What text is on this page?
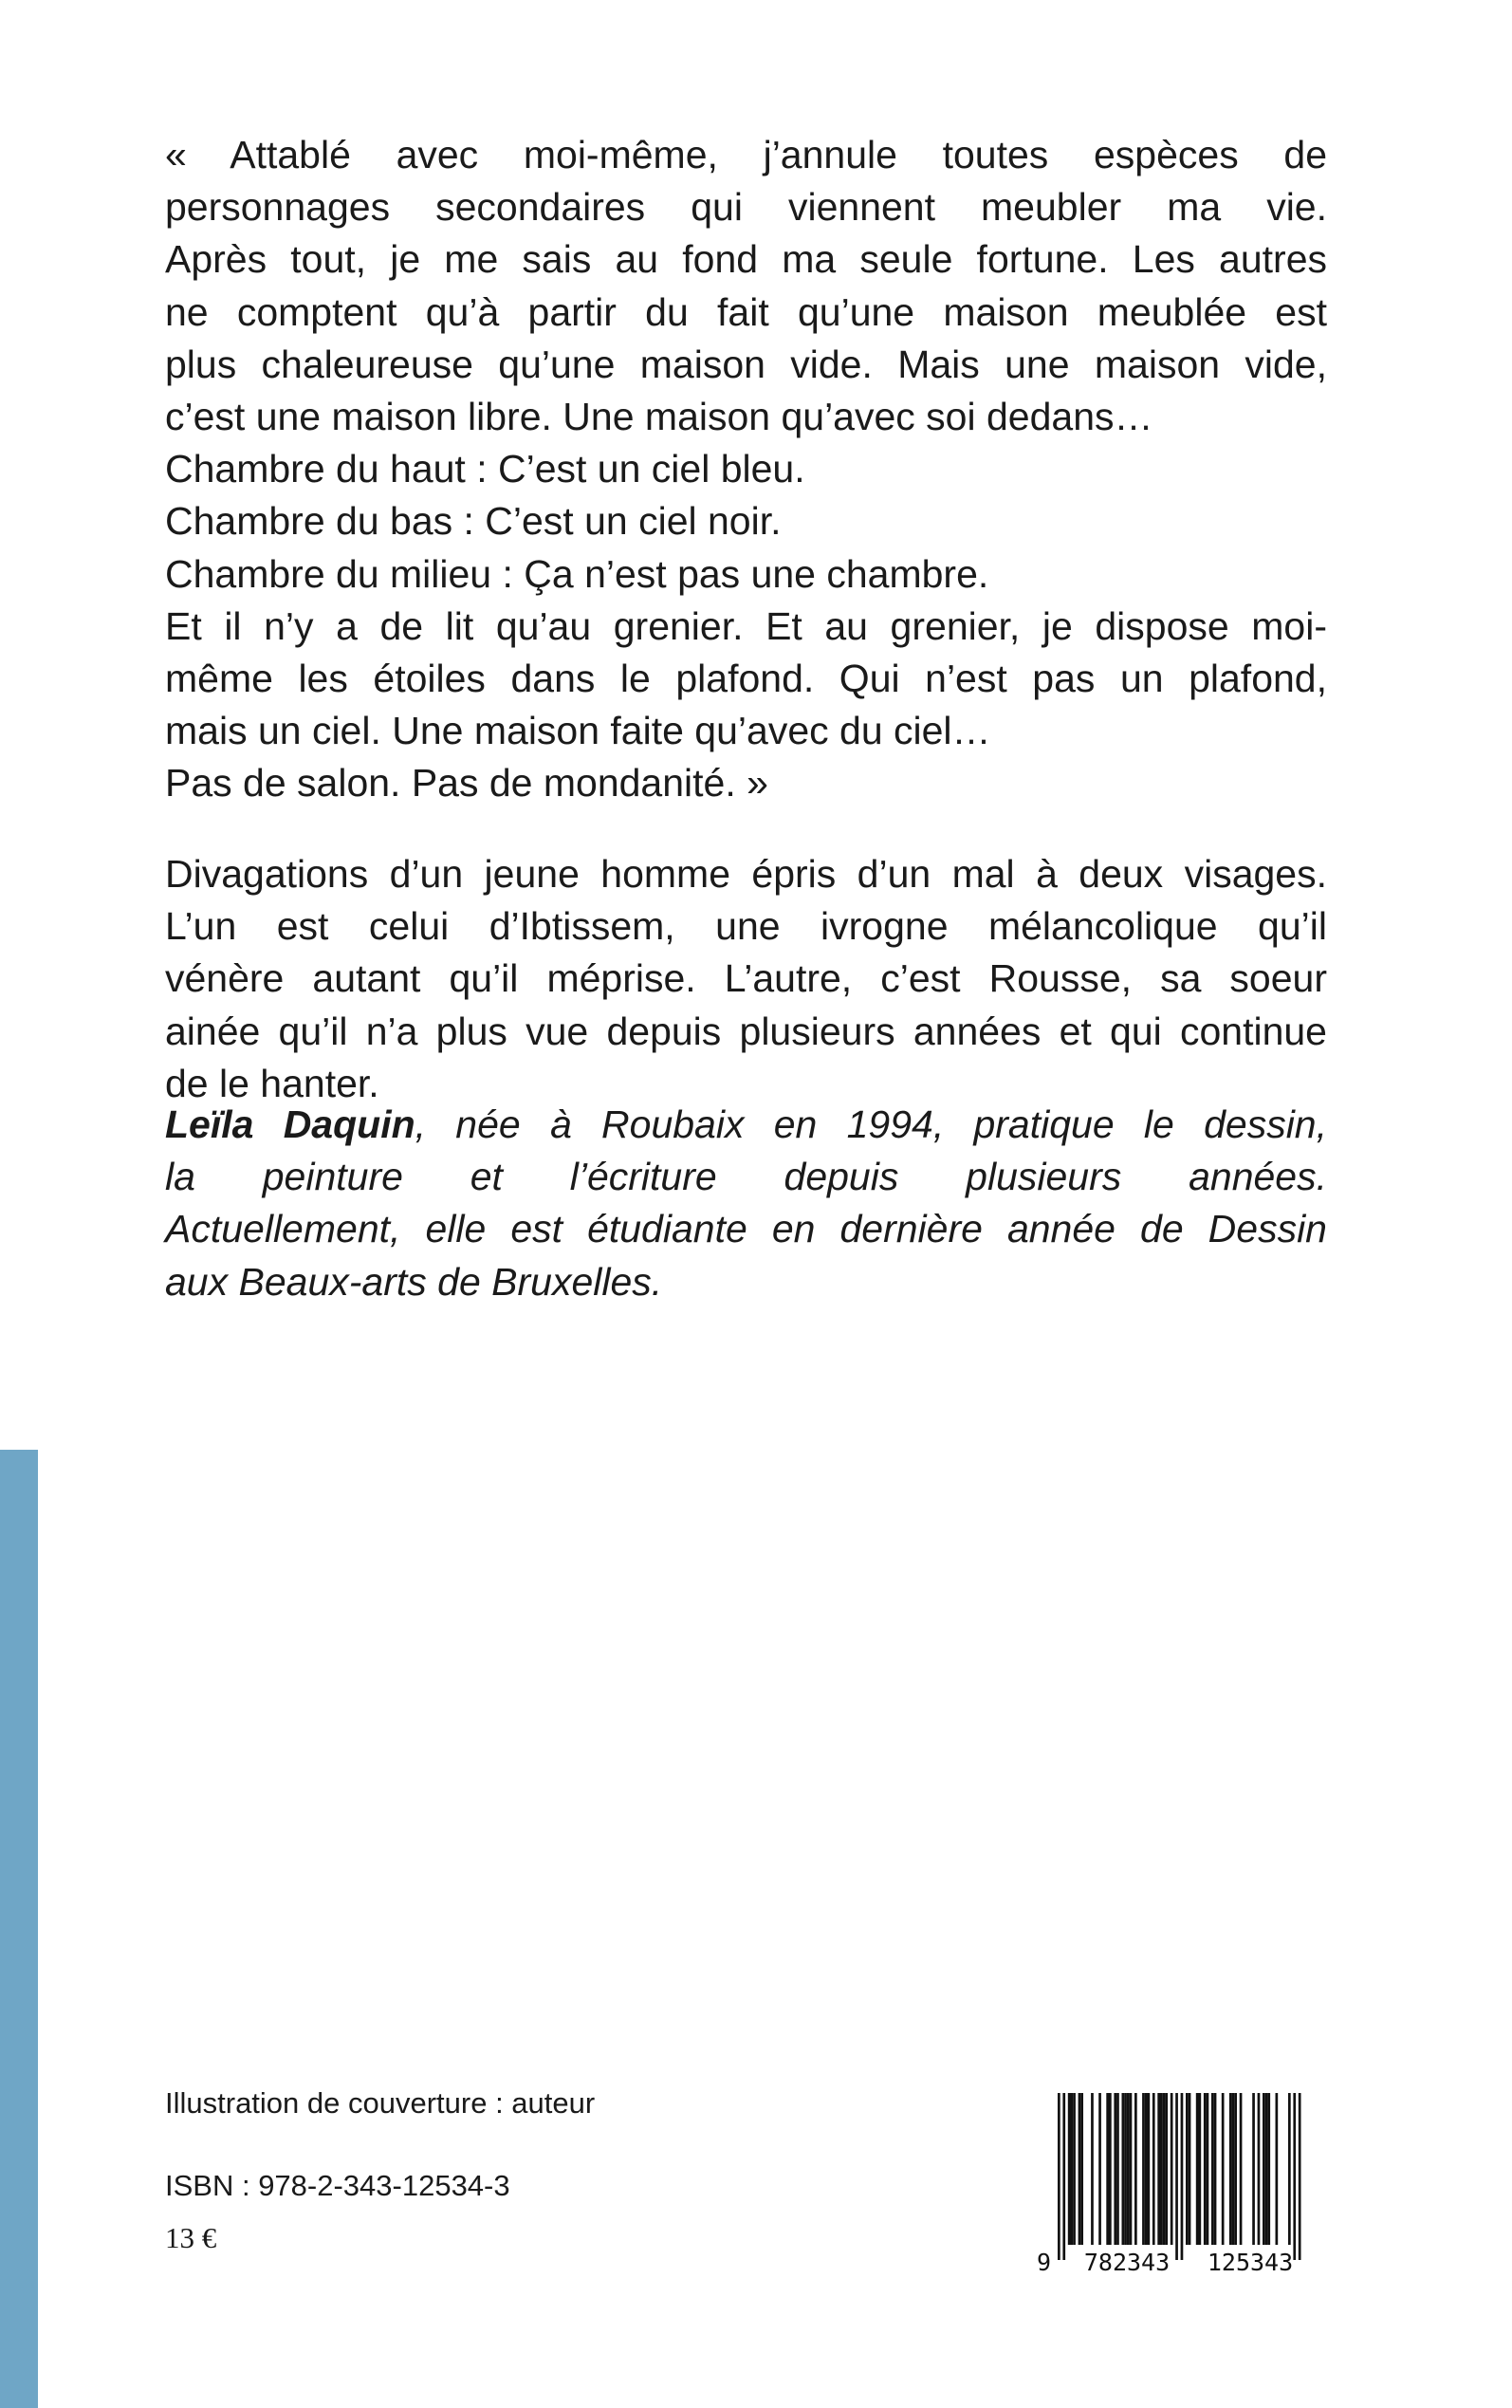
« Attablé avec moi-même, j’annule toutes espèces de
personnages secondaires qui viennent meubler ma vie.
Après tout, je me sais au fond ma seule fortune. Les autres
ne comptent qu’à partir du fait qu’une maison meublée est
plus chaleureuse qu’une maison vide. Mais une maison vide,
c’est une maison libre. Une maison qu’avec soi dedans…
Chambre du haut : C’est un ciel bleu.
Chambre du bas : C’est un ciel noir.
Chambre du milieu : Ça n’est pas une chambre.
Et il n’y a de lit qu’au grenier. Et au grenier, je dispose moi-
même les étoiles dans le plafond. Qui n’est pas un plafond,
mais un ciel. Une maison faite qu’avec du ciel…
Pas de salon. Pas de mondanité. »
Divagations d’un jeune homme épris d’un mal à deux visages.
L’un est celui d’Ibtissem, une ivrogne mélancolique qu’il
vénère autant qu’il méprise. L’autre, c’est Rousse, sa soeur
ainée qu’il n’a plus vue depuis plusieurs années et qui continue
de le hanter.
Leïla Daquin, née à Roubaix en 1994, pratique le dessin,
la peinture et l’écriture depuis plusieurs années.
Actuellement, elle est étudiante en dernière année de Dessin
aux Beaux-arts de Bruxelles.
Illustration de couverture : auteur
ISBN : 978-2-343-12534-3
13 €
9 782343 125343
